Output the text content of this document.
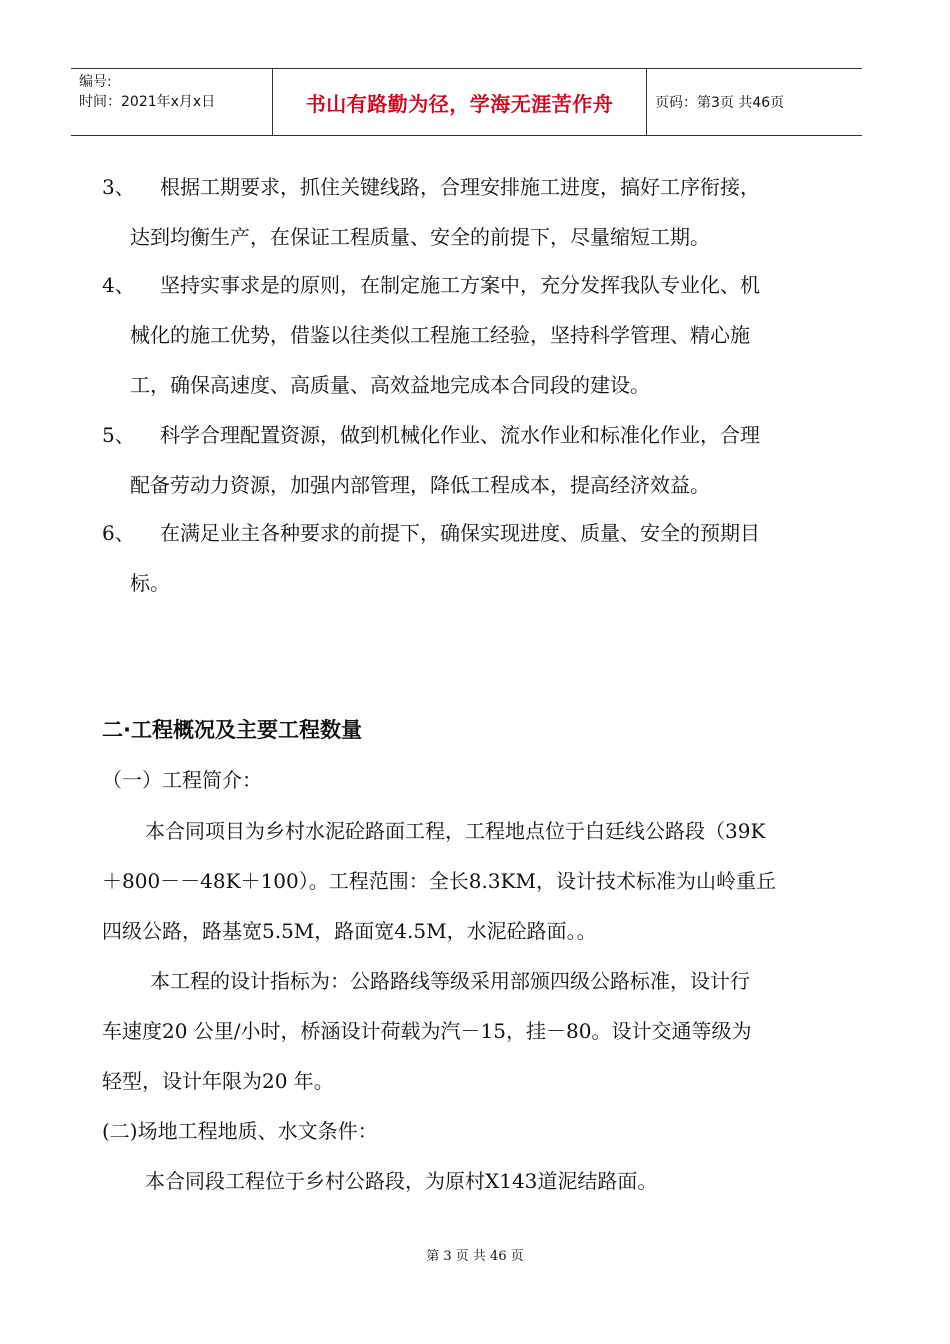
编号:
时间：2021年x月x日	书山有路勤为径，学海无涯苦作舟	页码：第3页 共46页
3、 根据工期要求，抓住关键线路，合理安排施工进度，搞好工序衔接，
达到均衡生产，在保证工程质量、安全的前提下，尽量缩短工期。
4、 坚持实事求是的原则，在制定施工方案中，充分发挥我队专业化、机
械化的施工优势，借鉴以往类似工程施工经验，坚持科学管理、精心施
工，确保高速度、高质量、高效益地完成本合同段的建设。
5、 科学合理配置资源，做到机械化作业、流水作业和标准化作业，合理
配备劳动力资源，加强内部管理，降低工程成本，提高经济效益。
6、 在满足业主各种要求的前提下，确保实现进度、质量、安全的预期目
标。
二·工程概况及主要工程数量
（一）工程简介：
本合同项目为乡村水泥砼路面工程，工程地点位于白廷线公路段（39K
＋800－－48K＋100）。工程范围：全长8.3KM，设计技术标准为山岭重丘
四级公路，路基宽5.5M，路面宽4.5M，水泥砼路面。。
本工程的设计指标为：公路路线等级采用部颁四级公路标准，设计行
车速度20 公里/小时，桥涵设计荷载为汽－15，挂－80。设计交通等级为
轻型，设计年限为20 年。
(二)场地工程地质、水文条件：
本合同段工程位于乡村公路段，为原村X143道泥结路面。
第 3 页 共 46 页
